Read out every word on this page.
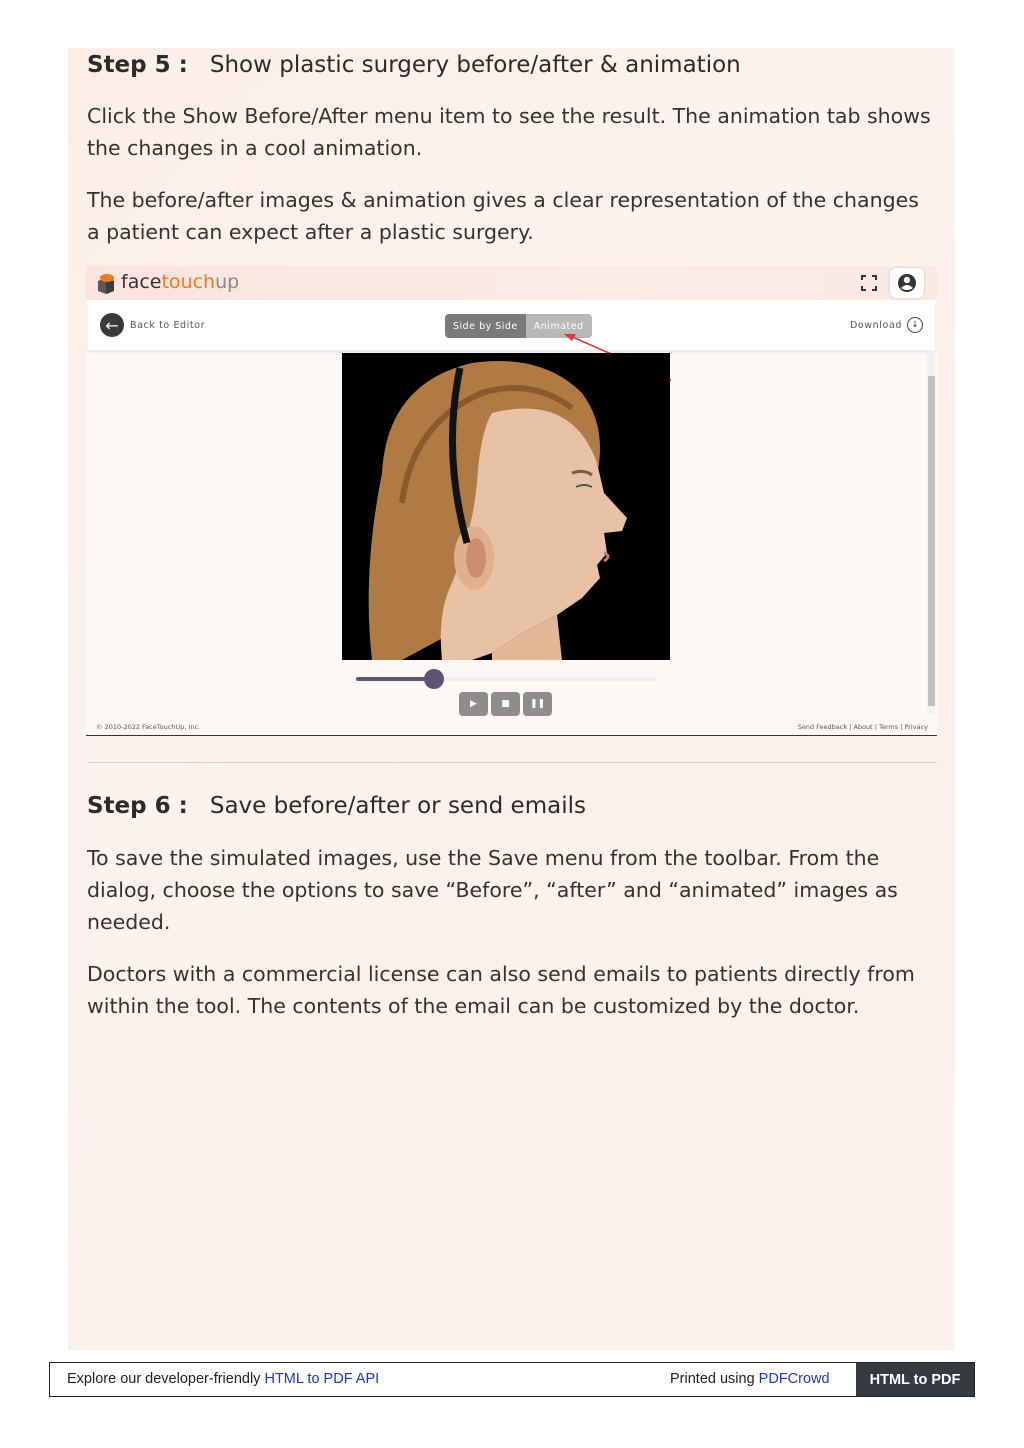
Step 5 : Show plastic surgery before/after & animation

Click the Show Before/After menu item to see the result. The animation tab shows the changes in a cool animation.

The before/after images & animation gives a clear representation of the changes a patient can expect after a plastic surgery.

facetouchup
←	Back to Editor	Side by Side	Animated	Download	↓
▶	■ ❚❚
© 2010-2022 FaceTouchUp, Inc.	Send Feedback | About | Terms | Privacy
Step 6 : Save before/after or send emails

To save the simulated images, use the Save menu from the toolbar. From the dialog, choose the options to save “Before”, “after” and “animated” images as needed.

Doctors with a commercial license can also send emails to patients directly from within the tool. The contents of the email can be customized by the doctor.

Explore our developer-friendly HTML to PDF API	Printed using PDFCrowd	HTML to PDF
